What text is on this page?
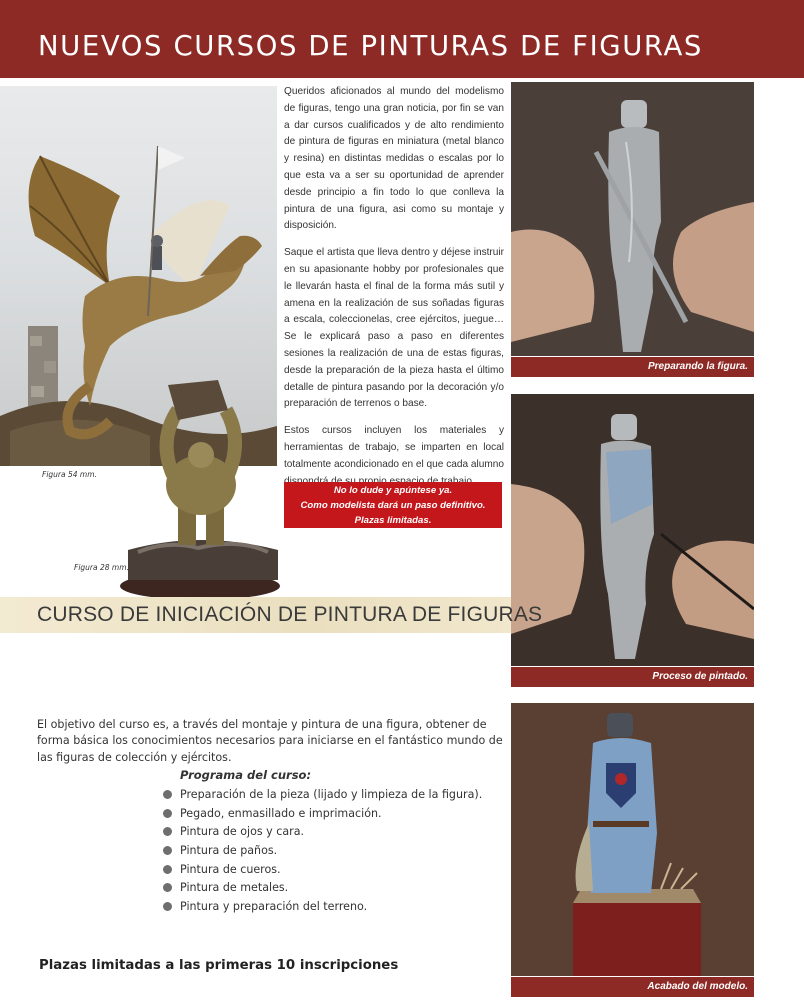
NUEVOS CURSOS DE PINTURAS DE FIGURAS
Figura 54 mm.
Figura 28 mm.

Queridos aficionados al mundo del modelismo de figuras, tengo una gran noticia, por fin se van a dar cursos cualificados y de alto rendimiento de pintura de figuras en miniatura (metal blanco y resina) en distintas medidas o escalas por lo que esta va a ser su oportunidad de aprender desde principio a fin todo lo que conlleva la pintura de una figura, asi como su montaje y disposición.

Saque el artista que lleva dentro y déjese instruir en su apasionante hobby por profesionales que le llevarán hasta el final de la forma más sutil y amena en la realización de sus soñadas figuras a escala, coleccionelas, cree ejércitos, juegue… Se le explicará paso a paso en diferentes sesiones la realización de una de estas figuras, desde la preparación de la pieza hasta el último detalle de pintura pasando por la decoración y/o preparación de terrenos o base.

Estos cursos incluyen los materiales y herramientas de trabajo, se imparten en local totalmente acondicionado en el que cada alumno

No lo dude y apúntese ya.
Como modelista dará un paso definitivo.
Plazas limitadas.
Preparando la figura.
Proceso de pintado.
Acabado del modelo.
CURSO DE INICIACIÓN DE PINTURA DE FIGURAS
El objetivo del curso es, a través del montaje y pintura de una figura, obtener de forma básica los conocimientos necesarios para iniciarse en el fantástico mundo de las figuras de colección y ejércitos.
Programa del curso:
Preparación de la pieza (lijado y limpieza de la figura).
Pegado, enmasillado e imprimación.
Pintura de ojos y cara.
Pintura de paños.
Pintura de cueros.
Pintura de metales.
Pintura y preparación del terreno.
Plazas limitadas a las primeras 10 inscripciones
